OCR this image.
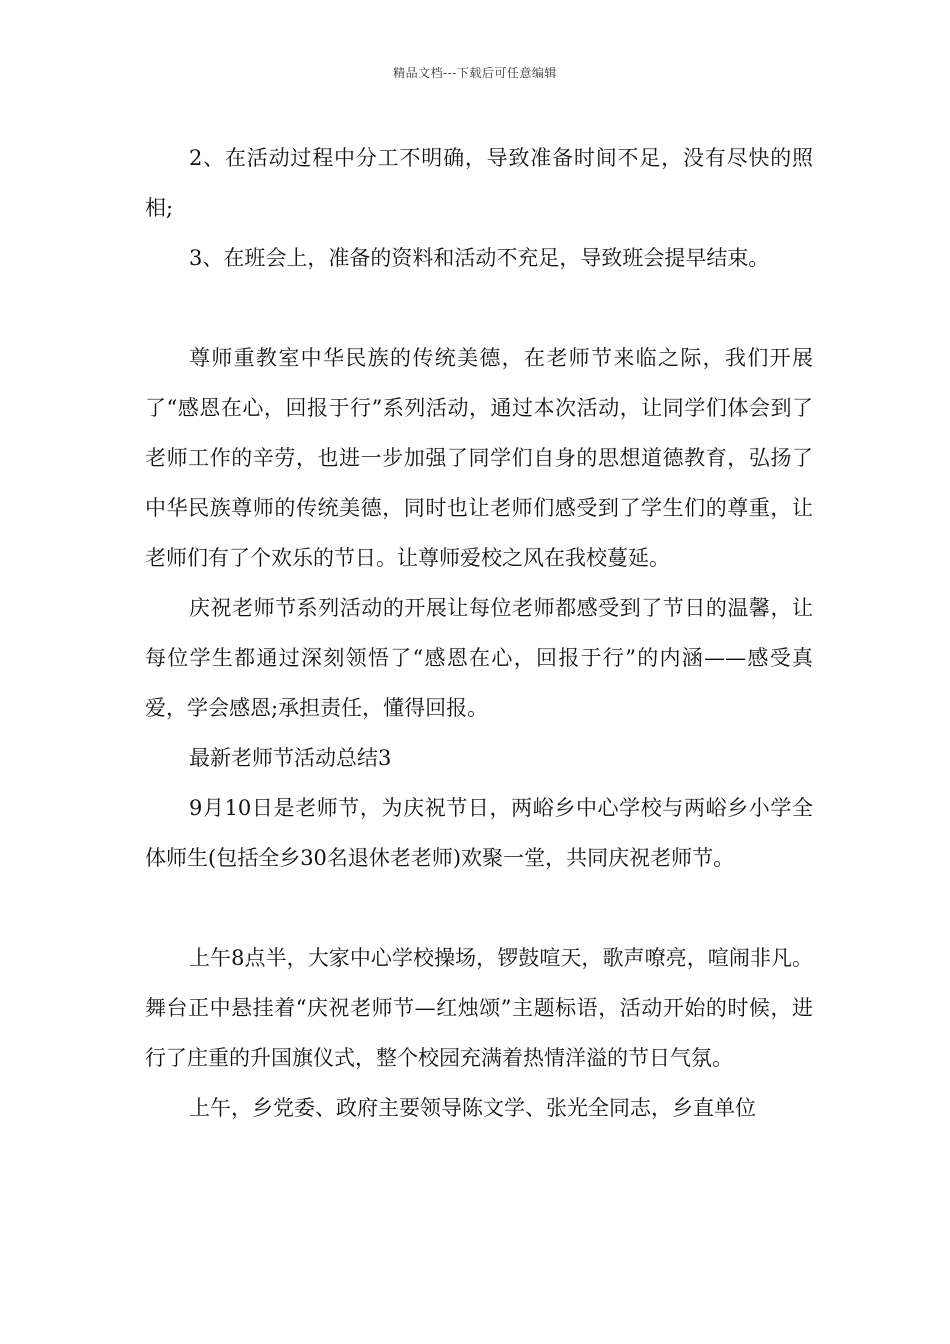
精品文档---下载后可任意编辑

2、在活动过程中分工不明确，导致准备时间不足，没有尽快的照相;

3、在班会上，准备的资料和活动不充足，导致班会提早结束。

尊师重教室中华民族的传统美德，在老师节来临之际，我们开展了“感恩在心，回报于行”系列活动，通过本次活动，让同学们体会到了老师工作的辛劳，也进一步加强了同学们自身的思想道德教育，弘扬了中华民族尊师的传统美德，同时也让老师们感受到了学生们的尊重，让老师们有了个欢乐的节日。让尊师爱校之风在我校蔓延。

庆祝老师节系列活动的开展让每位老师都感受到了节日的温馨，让每位学生都通过深刻领悟了“感恩在心，回报于行”的内涵——感受真爱，学会感恩;承担责任，懂得回报。

最新老师节活动总结3

9月10日是老师节，为庆祝节日，两峪乡中心学校与两峪乡小学全体师生(包括全乡30名退休老老师)欢聚一堂，共同庆祝老师节。

上午8点半，大家中心学校操场，锣鼓喧天，歌声嘹亮，喧闹非凡。舞台正中悬挂着“庆祝老师节—红烛颂”主题标语，活动开始的时候，进行了庄重的升国旗仪式，整个校园充满着热情洋溢的节日气氛。

上午，乡党委、政府主要领导陈文学、张光全同志，乡直单位
